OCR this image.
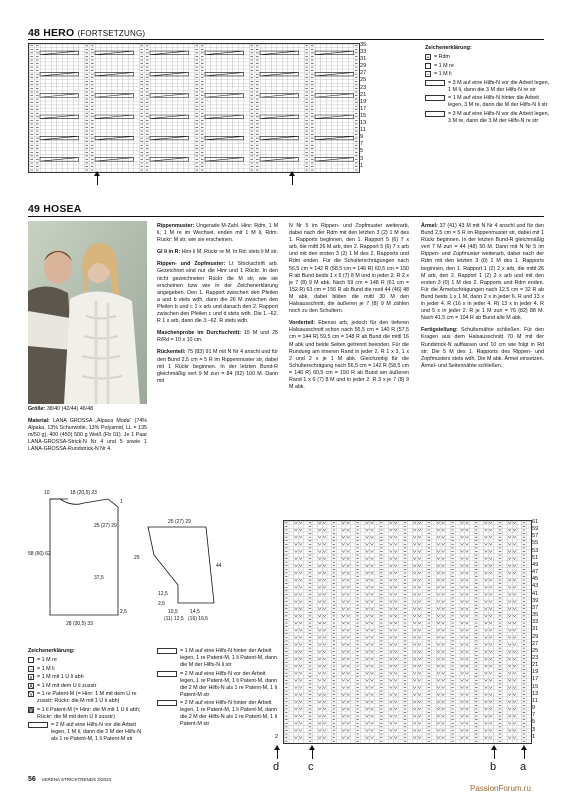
48 HERO (FORTSETZUNG)
35
33
31
29
27
25
23
21
19
17
15
13
11
9
7
5
3
1
Zeichenerklärung:
+ = Rdm
= 1 M re
– = 1 M li
= 3 M auf eine Hilfs-N vor die Arbeit legen, 1 M li, dann die 3 M der Hilfs-N re str
= 1 M auf eine Hilfs-N hinter die Arbeit legen, 3 M re, dann die M der Hilfs-N li str
= 3 M auf eine Hilfs-N vor die Arbeit legen, 3 M re, dann die 3 M der Hilfs-N re str
49 HOSEA

Größe: 38/40 (42/44) 46/48

Material: LANA GROSSA „Alpaca Moda“ (74% Alpaka, 13% Schurwolle, 13% Polyamid, LL = 135 m/50 g), 400 (450) 500 g Weiß (Fb 01). Je 1 Paar LANA-GROSSA-Strick-N Nr 4 und 5 sowie 1 LANA-GROSSA-Rundstrick-N Nr 4.

Rippenmuster: Ungerade M-Zahl. Hinr: Rdm, 1 M li, 1 M re im Wechsel, enden mit 1 M li, Rdm. Rückr: M str, wie sie erscheinen.

Gl li in R: Hinr li M, Rückr re M. In Rd: stets li M str.

Rippen- und Zopfmuster: Lt Strickschrift arb. Gezeichnet sind nur die Hinr und 1 Rückr. In den nicht gezeichneten Rückr die M str, wie sie erscheinen bzw wie in der Zeichenerklärung angegeben. Den 1. Rapport zwischen den Pfeilen a und b stets wdh, dann die 26 M zwischen den Pfeilen b und c 1 x arb und danach den 2. Rapport zwischen den Pfeilen c und d stets wdh. Die 1.–62. R 1 x arb, dann die 3.–62. R stets wdh.

Maschenprobe im Durchschnitt: 15 M und 25 R/Rd = 10 x 10 cm.

Rückenteil: 75 (83) 91 M mit N Nr 4 anschl und für den Bund 2,5 cm = 5 R im Rippenmuster str, dabei mit 1 Rückr beginnen. In der letzten Bund-R gleichmäßig vert 9 M zun = 84 (92) 100 M. Dann mit

N Nr 5 im Rippen- und Zopfmuster weiterarb, dabei nach der Rdm mit den letzten 3 (2) 1 M des 1. Rapports beginnen, den 1. Rapport 5 (6) 7 x arb, die mittl 26 M arb, den 2. Rapport 5 (6) 7 x arb und mit den ersten 3 (2) 1 M des 2. Rapports und Rdm enden. Für die Schulterschrägungen nach 56,5 cm = 142 R (58,5 cm = 146 R) 60,5 cm = 150 R ab Bund beids 1 x 6 (7) 8 M und in jeder 2. R 2 x je 7 (8) 9 M abk. Nach 59 cm = 148 R (61 cm = 152 R) 63 cm = 156 R ab Bund die restl 44 (46) 48 M abk, dabei bilden die mittl 30 M den Halsausschnitt, die äußeren je 7 (8) 9 M zählen noch zu den Schultern.

Vorderteil: Ebenso arb, jedoch für den tieferen Halsausschnitt schon nach 55,5 cm = 140 R (57,5 cm = 144 R) 59,5 cm = 148 R ab Bund die mittl 16 M abk und beide Seiten getrennt beenden. Für die Rundung am inneren Rand in jeder 2. R 1 x 3, 1 x 2 und 2 x je 1 M abk. Gleichzeitig für die Schulterschrägung nach 56,5 cm = 142 R (58,5 cm = 146 R) 60,5 cm = 150 R ab Bund am äußeren Rand 1 x 6 (7) 8 M und in jeder 2. R 3 x je 7 (8) 9 M abk.

Ärmel: 37 (41) 43 M mit N Nr 4 anschl und für den Bund 2,5 cm = 5 R im Rippenmuster str, dabei mit 1 Rückr beginnen. In der letzten Bund-R gleichmäßig vert 7 M zun = 44 (48) 50 M. Dann mit N Nr 5 im Rippen- und Zopfmuster weiterarb, dabei nach der Rdm mit den letzten 3 (0) 1 M des 1. Rapports beginnen, den 1. Rapport 1 (2) 2 x arb, die mittl 26 M arb, den 2. Rapport 1 (2) 2 x arb und mit den ersten 3 (0) 1 M des 2. Rapports und Rdm enden. Für die Ärmelschrägungen nach 12,5 cm = 32 R ab Bund beids 1 x 1 M, dann 2 x in jeder 6. R und 13 x in jeder 4. R (16 x in jeder 4. R) 13 x in jeder 4. R und 5 x in jeder 2. R je 1 M zun = 76 (82) 88 M. Nach 41,5 cm = 104 R ab Bund alle M abk.

Fertigstellung: Schulternähte schließen. Für den Kragen aus dem Halsausschnitt 70 M mit der Rundstrick-N auffassen und 10 cm wie folgt in Rd str: Die 5 M des 1. Rapports des Rippen- und Zopfmusters stets wdh. Die M abk. Ärmel einsetzen. Ärmel- und Seitennähte schließen.

10	18 (20,5) 23
58 (60) 62
37,5
25 (27) 29
1
2,5
28 (30,5) 33
25 (27) 29
29
44
12,5
2,5
10,5 14,5
(11) 12,5 (16) 16,5
61
59
57
55
53
51
49
47
45
43
41
39
37
35
33
31
29
27
25
23
21
19
17
15
13
11
9
7
5
3
1
2
d	c	b a
Zeichenerklärung:
= 1 M re
– = 1 M li
∧ = 1 M mit 1 U li abh
A = 1 M mit dem U li zusstr
V = 1 re Patent-M (= Hinr: 1 M mit dem U re zusstr; Rückr: die M mit 1 U li abh)
V = 1 li Patent-M (= Hinr: die M mit 1 U li abh; Rückr: die M mit dem U li zusstr)
= 2 M auf eine Hilfs-N vor die Arbeit legen, 1 M li, dann die 2 M der Hilfs-N als 1 re Patent-M, 1 li Patent-M str
= 1 M auf eine Hilfs-N hinter der Arbeit legen, 1 re Patent-M, 1 li Patent-M, dann die M der Hilfs-N li str
= 2 M auf eine Hilfs-N vor der Arbeit legen, 1 re Patent-M, 1 li Patent-M, dann die 2 M der Hilfs-N als 1 re Patent-M, 1 li Patent-M str
= 2 M auf eine Hilfs-N hinter der Arbeit legen, 1 re Patent-M, 1 li Patent-M, dann die 2 M der Hilfs-N als 1 re Patent-M, 1 li Patent-M str
56 VERENA STRICKTRENDS 3/2023
PassionForum.ru
